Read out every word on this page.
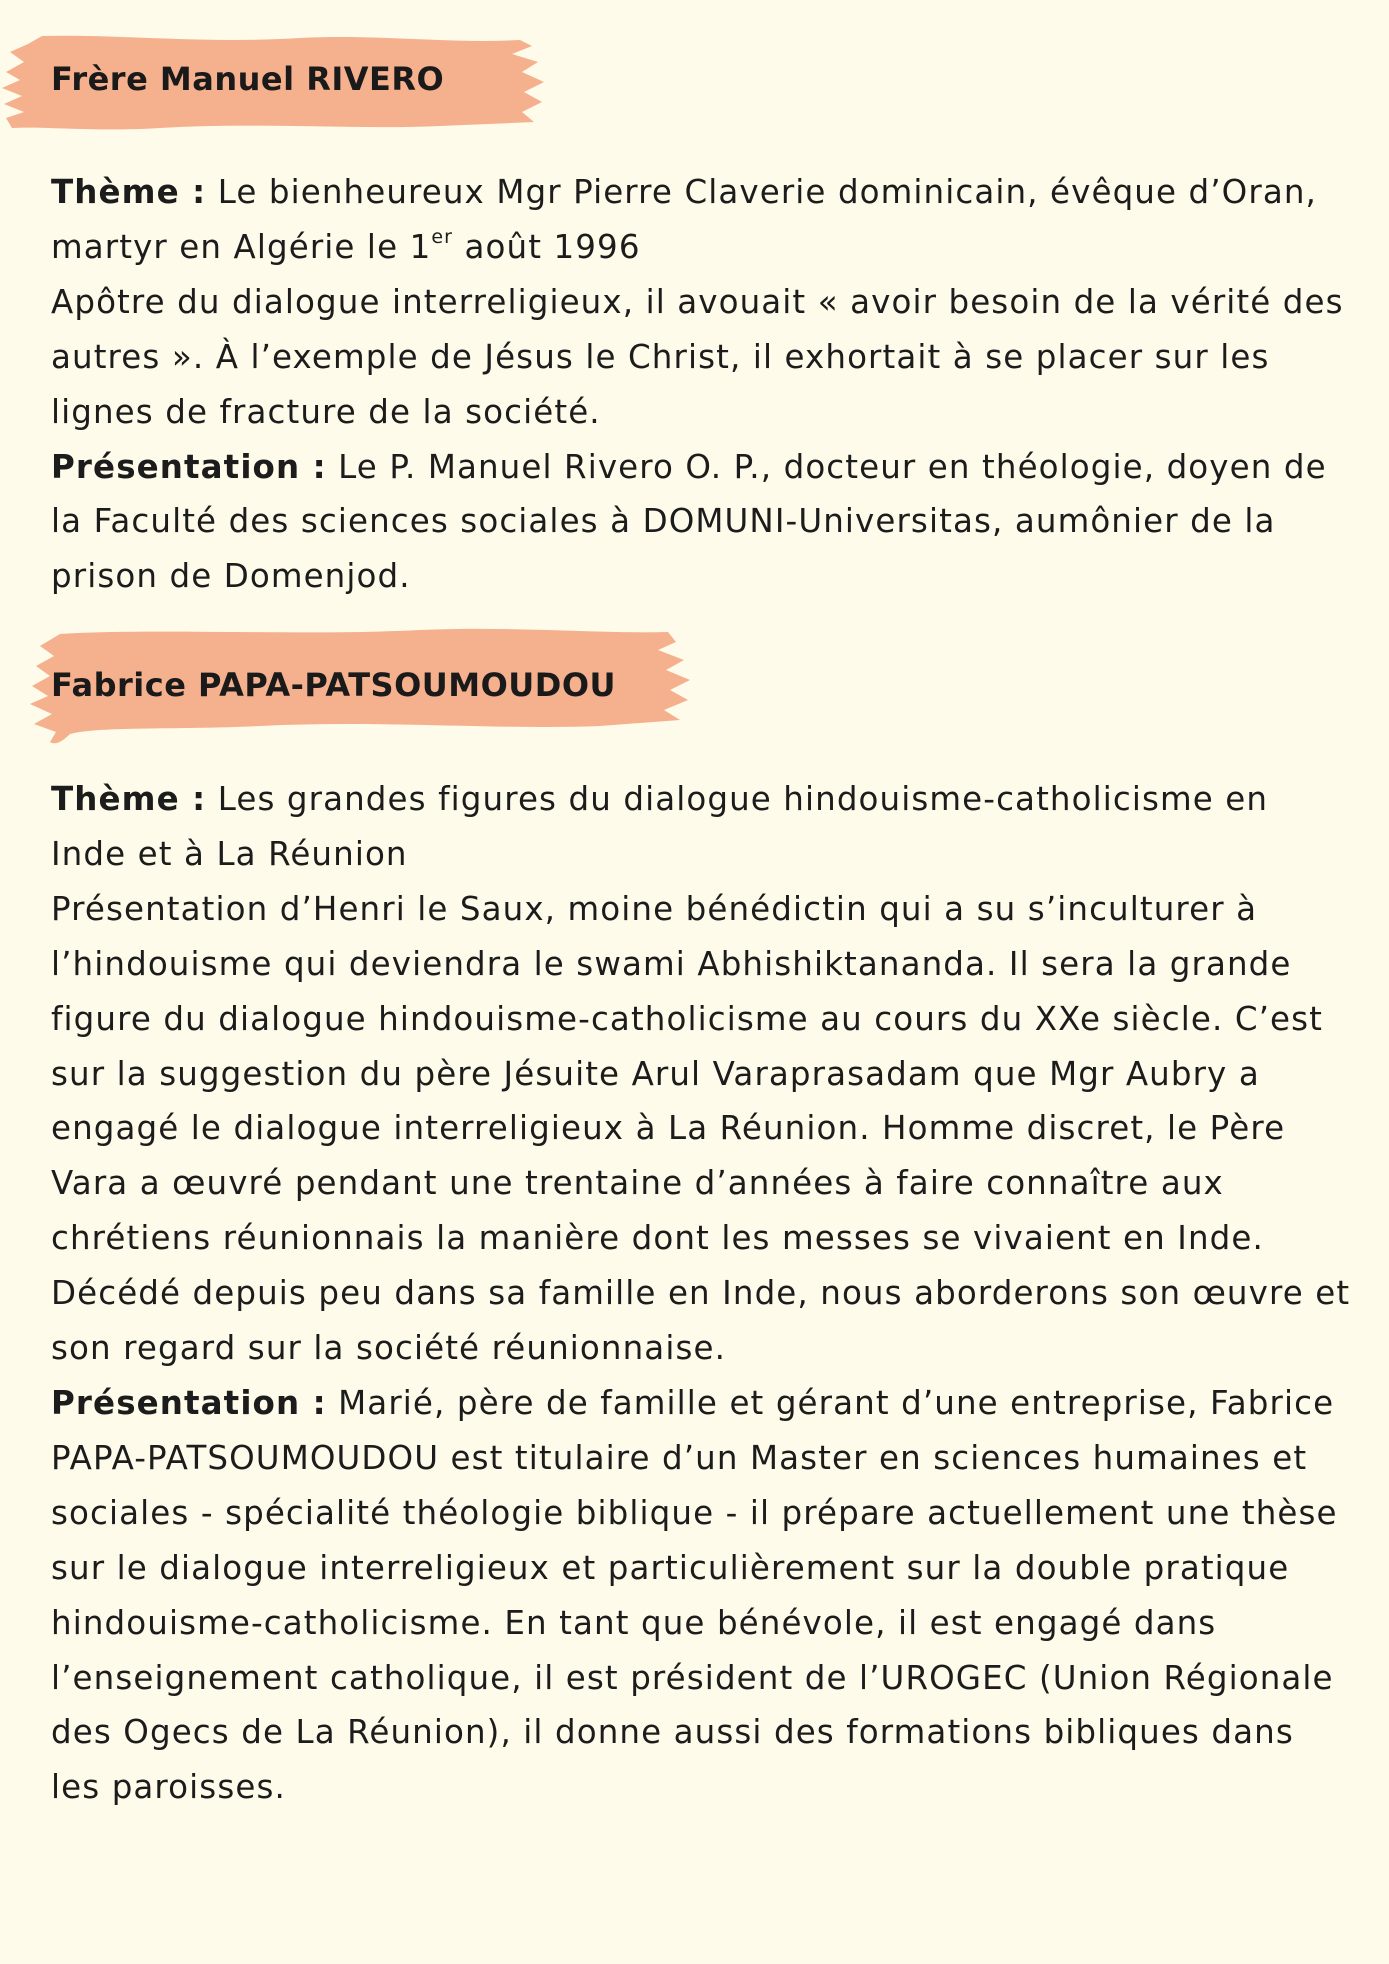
Frère Manuel RIVERO

Thème : Le bienheureux Mgr Pierre Claverie dominicain, évêque d’Oran, martyr en Algérie le 1er août 1996

Apôtre du dialogue interreligieux, il avouait « avoir besoin de la vérité des autres ». À l’exemple de Jésus le Christ, il exhortait à se placer sur les lignes de fracture de la société.

Présentation : Le P. Manuel Rivero O. P., docteur en théologie, doyen de la Faculté des sciences sociales à DOMUNI-Universitas, aumônier de la prison de Domenjod.

Fabrice PAPA-PATSOUMOUDOU

Thème : Les grandes figures du dialogue hindouisme-catholicisme en Inde et à La Réunion

Présentation d’Henri le Saux, moine bénédictin qui a su s’inculturer à l’hindouisme qui deviendra le swami Abhishiktananda. Il sera la grande figure du dialogue hindouisme-catholicisme au cours du XXe siècle. C’est sur la suggestion du père Jésuite Arul Varaprasadam que Mgr Aubry a engagé le dialogue interreligieux à La Réunion. Homme discret, le Père Vara a œuvré pendant une trentaine d’années à faire connaître aux chrétiens réunionnais la manière dont les messes se vivaient en Inde. Décédé depuis peu dans sa famille en Inde, nous aborderons son œuvre et son regard sur la société réunionnaise.

Présentation : Marié, père de famille et gérant d’une entreprise, Fabrice PAPA-PATSOUMOUDOU est titulaire d’un Master en sciences humaines et sociales - spécialité théologie biblique - il prépare actuellement une thèse sur le dialogue interreligieux et particulièrement sur la double pratique hindouisme-catholicisme. En tant que bénévole, il est engagé dans l’enseignement catholique, il est président de l’UROGEC (Union Régionale des Ogecs de La Réunion), il donne aussi des formations bibliques dans les paroisses.
